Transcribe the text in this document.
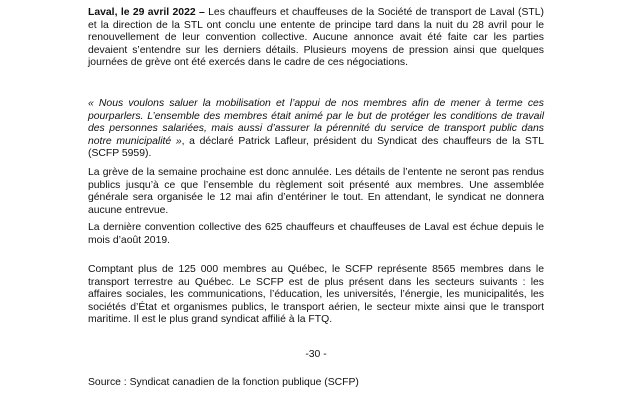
Laval, le 29 avril 2022 – Les chauffeurs et chauffeuses de la Société de transport de Laval (STL) et la direction de la STL ont conclu une entente de principe tard dans la nuit du 28 avril pour le renouvellement de leur convention collective. Aucune annonce avait été faite car les parties devaient s’entendre sur les derniers détails. Plusieurs moyens de pression ainsi que quelques journées de grève ont été exercés dans le cadre de ces négociations.

« Nous voulons saluer la mobilisation et l’appui de nos membres afin de mener à terme ces pourparlers. L’ensemble des membres était animé par le but de protéger les conditions de travail des personnes salariées, mais aussi d’assurer la pérennité du service de transport public dans notre municipalité », a déclaré Patrick Lafleur, président du Syndicat des chauffeurs de la STL (SCFP 5959).

La grève de la semaine prochaine est donc annulée. Les détails de l’entente ne seront pas rendus publics jusqu’à ce que l’ensemble du règlement soit présenté aux membres. Une assemblée générale sera organisée le 12 mai afin d’entériner le tout. En attendant, le syndicat ne donnera aucune entrevue.

La dernière convention collective des 625 chauffeurs et chauffeuses de Laval est échue depuis le mois d’août 2019.

Comptant plus de 125 000 membres au Québec, le SCFP représente 8565 membres dans le transport terrestre au Québec. Le SCFP est de plus présent dans les secteurs suivants : les affaires sociales, les communications, l’éducation, les universités, l’énergie, les municipalités, les sociétés d’État et organismes publics, le transport aérien, le secteur mixte ainsi que le transport maritime. Il est le plus grand syndicat affilié à la FTQ.

-30 -

Source : Syndicat canadien de la fonction publique (SCFP)
